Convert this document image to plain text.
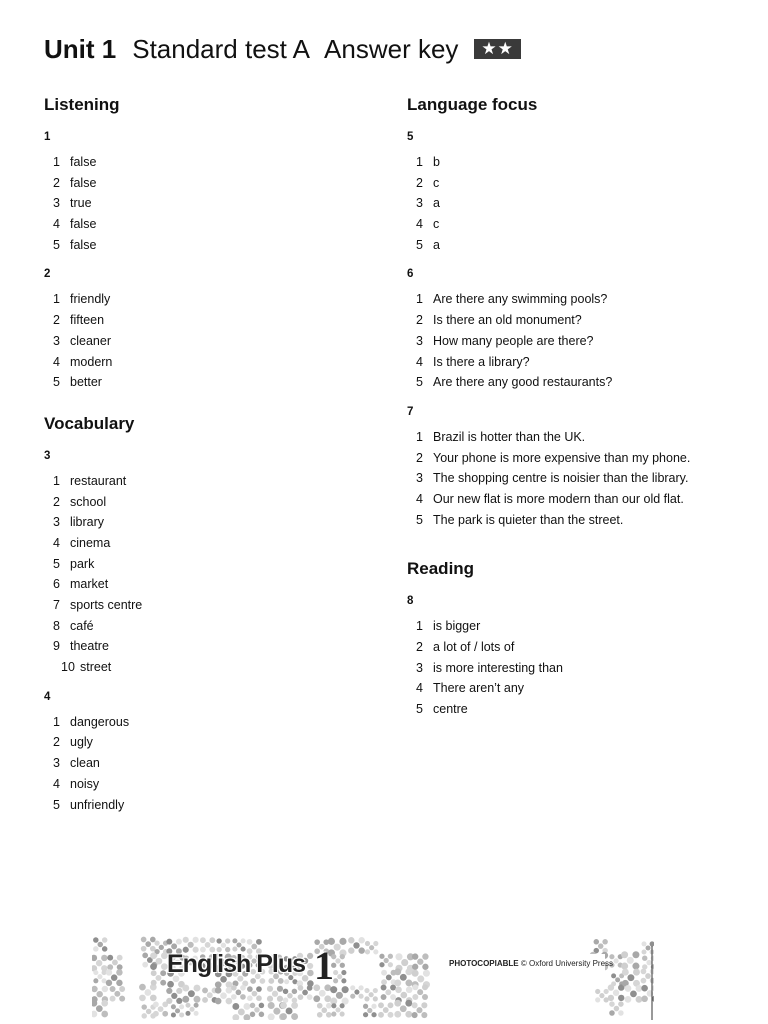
Unit 1 Standard test A Answer key	★★
Listening
1
1 false
2 false
3 true
4 false
5 false
2
1 friendly
2 fifteen
3 cleaner
4 modern
5 better
Vocabulary
3
1 restaurant
2 school
3 library
4 cinema
5 park
6 market
7 sports centre
8 café
9 theatre
10 street
4
1 dangerous
2 ugly
3 clean
4 noisy
5 unfriendly
Language focus
5
1 b
2 c
3 a
4 c
5 a
6
1 Are there any swimming pools?
2 Is there an old monument?
3 How many people are there?
4 Is there a library?
5 Are there any good restaurants?
7
1 Brazil is hotter than the UK.
2 Your phone is more expensive than my phone.
3 The shopping centre is noisier than the library.
4 Our new flat is more modern than our old flat.
5 The park is quieter than the street.
Reading
8
1 is bigger
2 a lot of / lots of
3 is more interesting than
4 There aren’t any
5 centre
English Plus 1	PHOTOCOPIABLE © Oxford University Press
